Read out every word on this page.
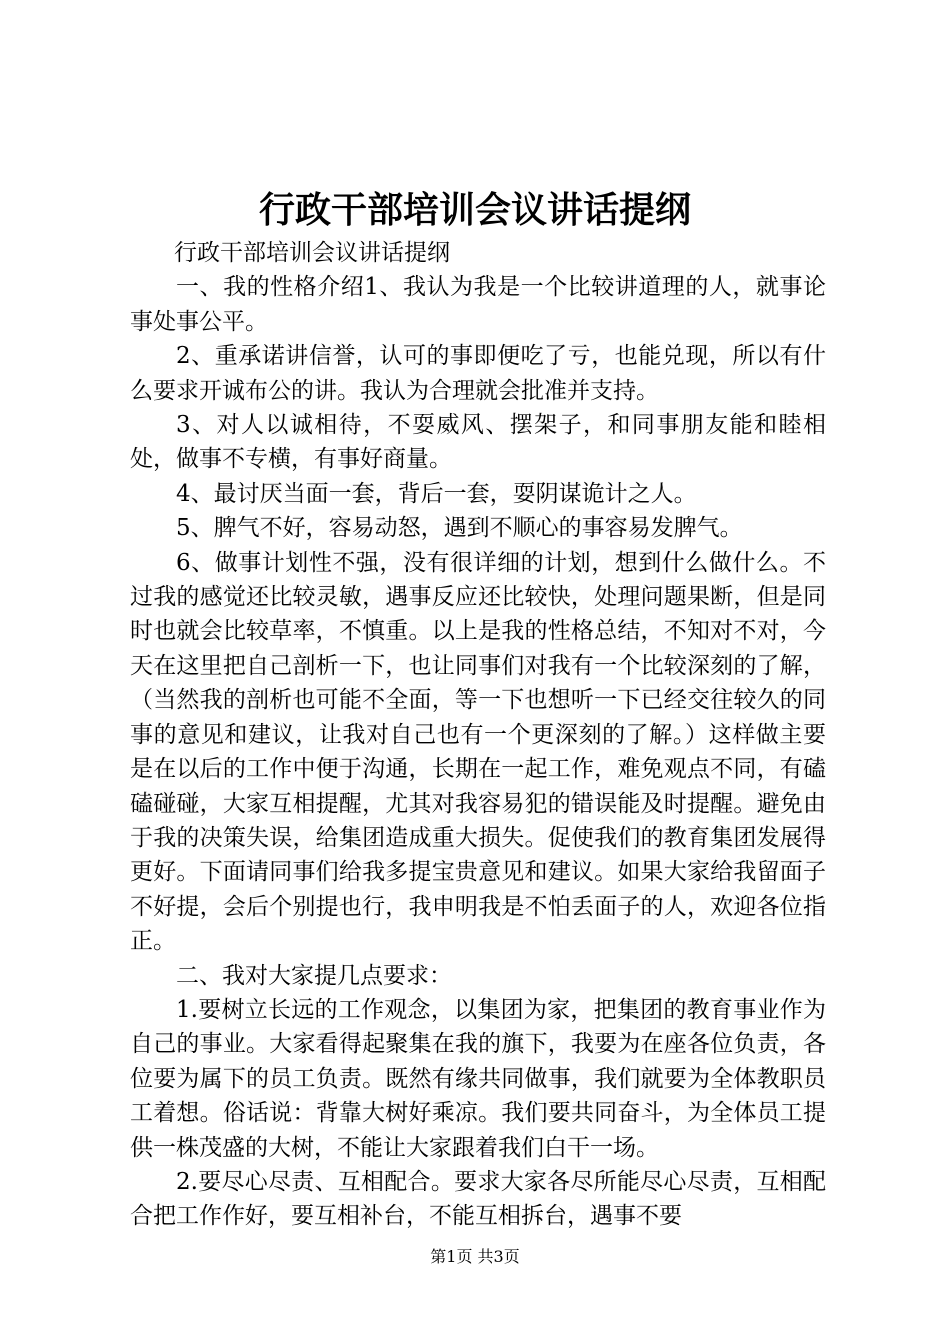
行政干部培训会议讲话提纲

行政干部培训会议讲话提纲

一、我的性格介绍1、我认为我是一个比较讲道理的人，就事论事处事公平。

2、重承诺讲信誉，认可的事即便吃了亏，也能兑现，所以有什么要求开诚布公的讲。我认为合理就会批准并支持。

3、对人以诚相待，不耍威风、摆架子，和同事朋友能和睦相处，做事不专横，有事好商量。

4、最讨厌当面一套，背后一套，耍阴谋诡计之人。

5、脾气不好，容易动怒，遇到不顺心的事容易发脾气。

6、做事计划性不强，没有很详细的计划，想到什么做什么。不过我的感觉还比较灵敏，遇事反应还比较快，处理问题果断，但是同时也就会比较草率，不慎重。以上是我的性格总结，不知对不对，今天在这里把自己剖析一下，也让同事们对我有一个比较深刻的了解，（当然我的剖析也可能不全面，等一下也想听一下已经交往较久的同事的意见和建议，让我对自己也有一个更深刻的了解。）这样做主要是在以后的工作中便于沟通，长期在一起工作，难免观点不同，有磕磕碰碰，大家互相提醒，尤其对我容易犯的错误能及时提醒。避免由于我的决策失误，给集团造成重大损失。促使我们的教育集团发展得更好。下面请同事们给我多提宝贵意见和建议。如果大家给我留面子不好提，会后个别提也行，我申明我是不怕丢面子的人，欢迎各位指正。

二、我对大家提几点要求：

1.要树立长远的工作观念，以集团为家，把集团的教育事业作为自己的事业。大家看得起聚集在我的旗下，我要为在座各位负责，各位要为属下的员工负责。既然有缘共同做事，我们就要为全体教职员工着想。俗话说：背靠大树好乘凉。我们要共同奋斗，为全体员工提供一株茂盛的大树，不能让大家跟着我们白干一场。

2.要尽心尽责、互相配合。要求大家各尽所能尽心尽责，互相配合把工作作好，要互相补台，不能互相拆台，遇事不要

第1页 共3页
